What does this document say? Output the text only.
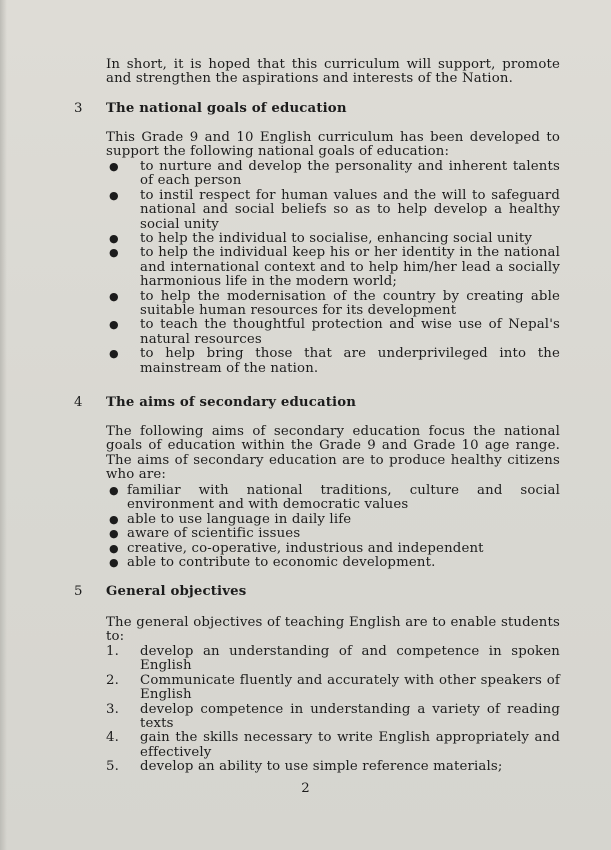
In short, it is hoped that this curriculum will support, promote and strengthen the aspirations and interests of the Nation.
3 The national goals of education
This Grade 9 and 10 English curriculum has been developed to support the following national goals of education:
● to nurture and develop the personality and inherent talents of each person
● to instil respect for human values and the will to safeguard national and social beliefs so as to help develop a healthy social unity
● to help the individual to socialise, enhancing social unity
● to help the individual keep his or her identity in the national and international context and to help him/her lead a socially harmonious life in the modern world;
● to help the modernisation of the country by creating able suitable human resources for its development
● to teach the thoughtful protection and wise use of Nepal's natural resources
● to help bring those that are underprivileged into the mainstream of the nation.
4 The aims of secondary education
The following aims of secondary education focus the national goals of education within the Grade 9 and Grade 10 age range. The aims of secondary education are to produce healthy citizens who are:
● familiar with national traditions, culture and social environment and with democratic values
● able to use language in daily life
● aware of scientific issues
● creative, co-operative, industrious and independent
● able to contribute to economic development.
5 General objectives
The general objectives of teaching English are to enable students to:
1. develop an understanding of and competence in spoken English
2. Communicate fluently and accurately with other speakers of English
3. develop competence in understanding a variety of reading texts
4. gain the skills necessary to write English appropriately and effectively
5. develop an ability to use simple reference materials;
2
